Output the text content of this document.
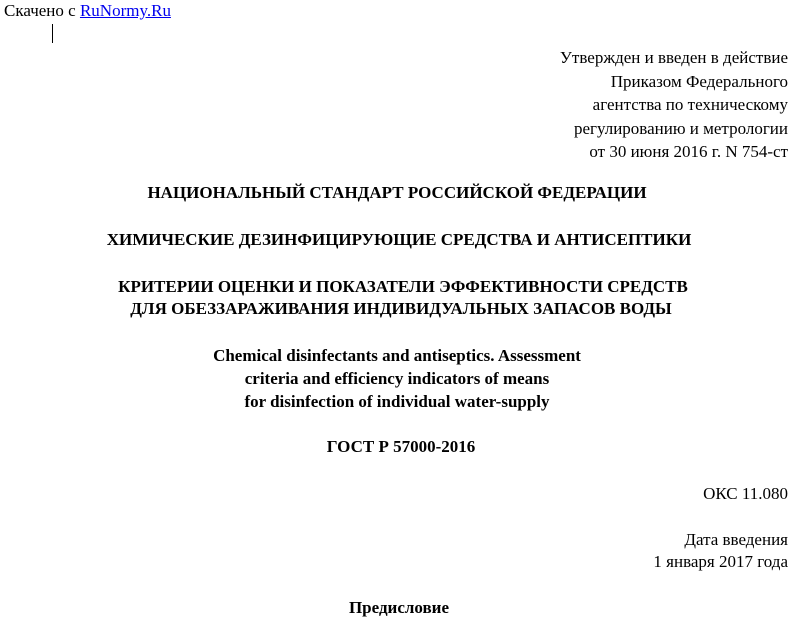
Скачено с RuNormy.Ru
Утвержден и введен в действие
Приказом Федерального
агентства по техническому
регулированию и метрологии
от 30 июня 2016 г. N 754-ст
НАЦИОНАЛЬНЫЙ СТАНДАРТ РОССИЙСКОЙ ФЕДЕРАЦИИ
ХИМИЧЕСКИЕ ДЕЗИНФИЦИРУЮЩИЕ СРЕДСТВА И АНТИСЕПТИКИ
КРИТЕРИИ ОЦЕНКИ И ПОКАЗАТЕЛИ ЭФФЕКТИВНОСТИ СРЕДСТВ
ДЛЯ ОБЕЗЗАРАЖИВАНИЯ ИНДИВИДУАЛЬНЫХ ЗАПАСОВ ВОДЫ
Chemical disinfectants and antiseptics. Assessment
criteria and efficiency indicators of means
for disinfection of individual water-supply
ГОСТ Р 57000-2016
ОКС 11.080
Дата введения
1 января 2017 года
Предисловие
